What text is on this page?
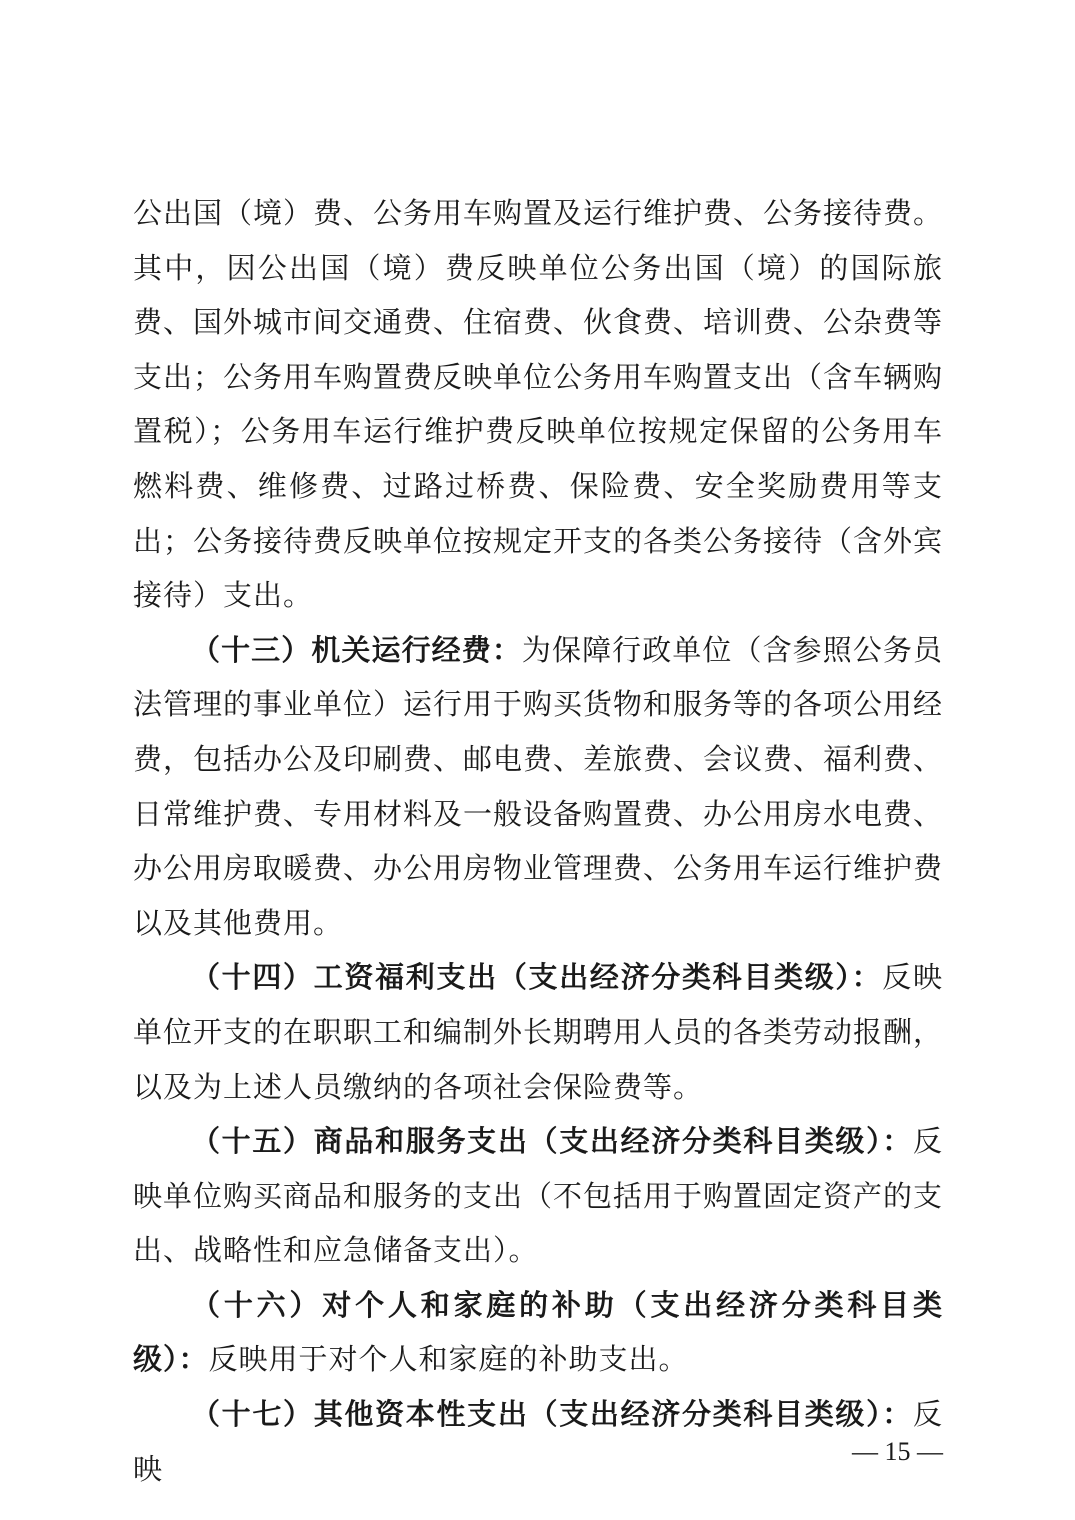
公出国（境）费、公务用车购置及运行维护费、公务接待费。其中，因公出国（境）费反映单位公务出国（境）的国际旅费、国外城市间交通费、住宿费、伙食费、培训费、公杂费等支出；公务用车购置费反映单位公务用车购置支出（含车辆购置税）；公务用车运行维护费反映单位按规定保留的公务用车燃料费、维修费、过路过桥费、保险费、安全奖励费用等支出；公务接待费反映单位按规定开支的各类公务接待（含外宾接待）支出。

（十三）机关运行经费：为保障行政单位（含参照公务员法管理的事业单位）运行用于购买货物和服务等的各项公用经费，包括办公及印刷费、邮电费、差旅费、会议费、福利费、日常维护费、专用材料及一般设备购置费、办公用房水电费、办公用房取暖费、办公用房物业管理费、公务用车运行维护费以及其他费用。

（十四）工资福利支出（支出经济分类科目类级）：反映单位开支的在职职工和编制外长期聘用人员的各类劳动报酬，以及为上述人员缴纳的各项社会保险费等。

（十五）商品和服务支出（支出经济分类科目类级）：反映单位购买商品和服务的支出（不包括用于购置固定资产的支出、战略性和应急储备支出）。

（十六）对个人和家庭的补助（支出经济分类科目类级）：反映用于对个人和家庭的补助支出。

（十七）其他资本性支出（支出经济分类科目类级）：反映

— 15 —
